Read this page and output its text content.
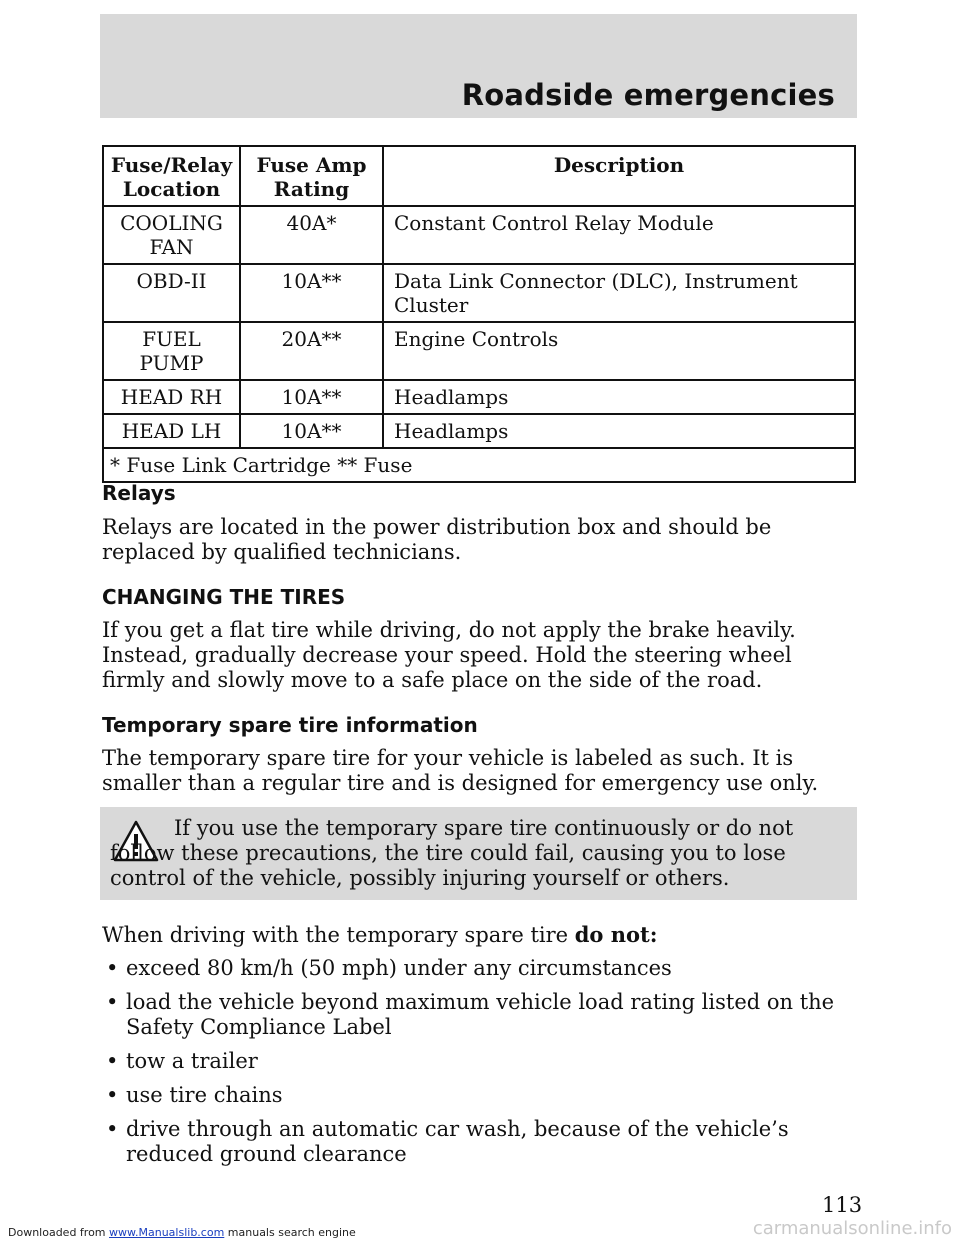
Roadside emergencies
Fuse/Relay Location	Fuse Amp Rating	Description
COOLING FAN	40A*	Constant Control Relay Module
OBD-II	10A**	Data Link Connector (DLC), Instrument Cluster
FUEL PUMP	20A**	Engine Controls
HEAD RH	10A**	Headlamps
HEAD LH	10A**	Headlamps
* Fuse Link Cartridge ** Fuse		
Relays
Relays are located in the power distribution box and should be replaced by qualified technicians.
CHANGING THE TIRES
If you get a flat tire while driving, do not apply the brake heavily. Instead, gradually decrease your speed. Hold the steering wheel firmly and slowly move to a safe place on the side of the road.
Temporary spare tire information
The temporary spare tire for your vehicle is labeled as such. It is smaller than a regular tire and is designed for emergency use only.
If you use the temporary spare tire continuously or do not follow these precautions, the tire could fail, causing you to lose control of the vehicle, possibly injuring yourself or others.
When driving with the temporary spare tire do not:
• exceed 80 km/h (50 mph) under any circumstances
• load the vehicle beyond maximum vehicle load rating listed on the Safety Compliance Label
• tow a trailer
• use tire chains
• drive through an automatic car wash, because of the vehicle’s reduced ground clearance
113
Downloaded from www.Manualslib.com manuals search engine	carmanualsonline.info
